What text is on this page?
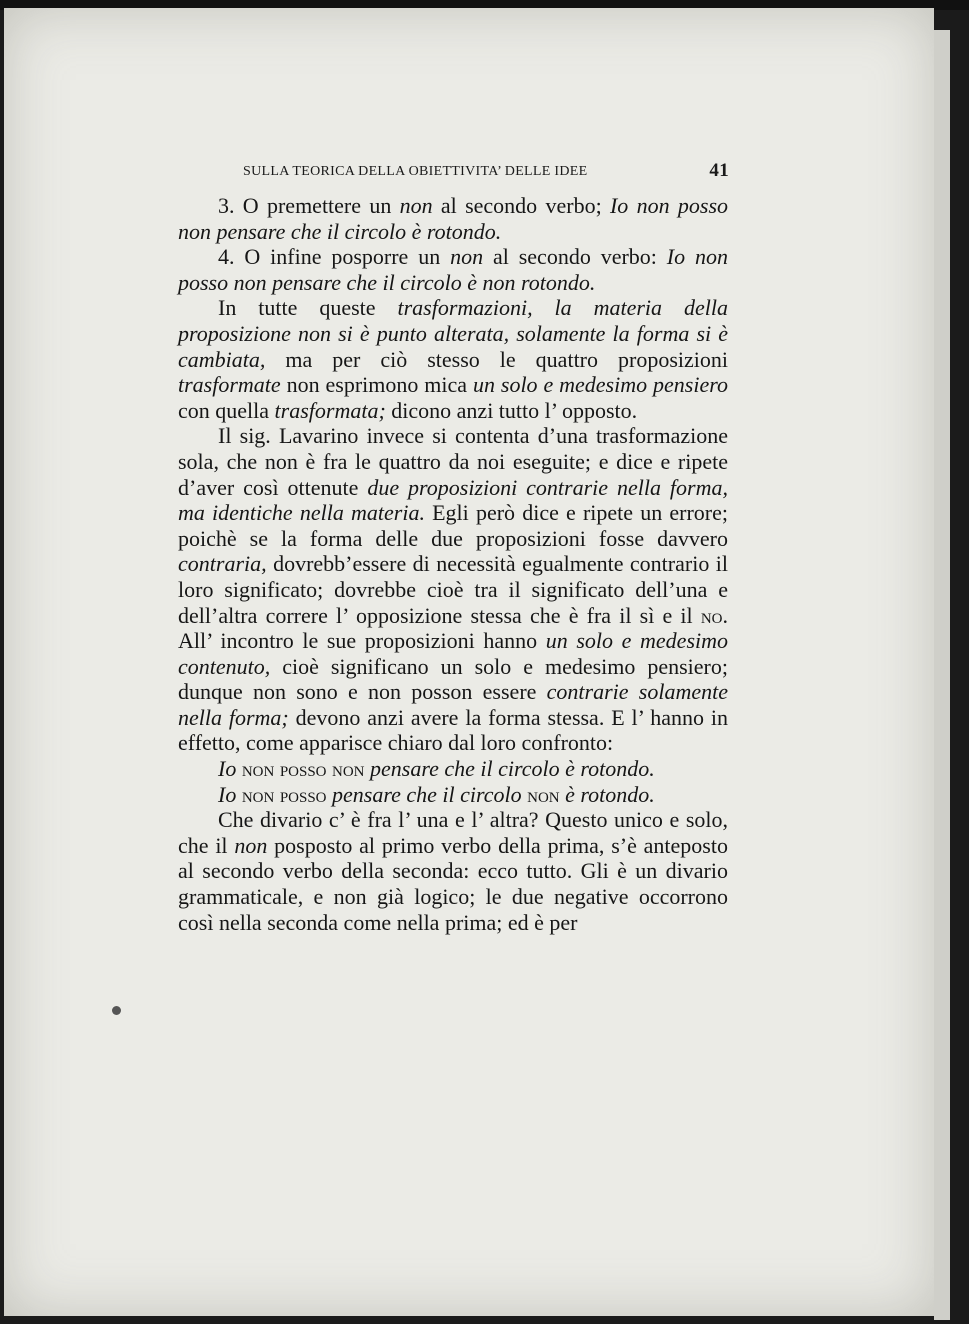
SULLA TEORICA DELLA OBIETTIVITA’ DELLE IDEE	41

3. O premettere un non al secondo verbo; Io non posso non pensare che il circolo è rotondo.

4. O infine posporre un non al secondo verbo: Io non posso non pensare che il circolo è non rotondo.

In tutte queste trasformazioni, la materia della proposizione non si è punto alterata, solamente la forma si è cambiata, ma per ciò stesso le quattro proposizioni trasformate non esprimono mica un solo e medesimo pensiero con quella trasformata; dicono anzi tutto l’ opposto.

Il sig. Lavarino invece si contenta d’una trasformazione sola, che non è fra le quattro da noi eseguite; e dice e ripete d’aver così ottenute due proposizioni contrarie nella forma, ma identiche nella materia. Egli però dice e ripete un errore; poichè se la forma delle due proposizioni fosse davvero contraria, dovrebb’essere di necessità egualmente contrario il loro significato; dovrebbe cioè tra il significato dell’una e dell’altra correre l’ opposizione stessa che è fra il sì e il no. All’ incontro le sue proposizioni hanno un solo e medesimo contenuto, cioè significano un solo e medesimo pensiero; dunque non sono e non posson essere contrarie solamente nella forma; devono anzi avere la forma stessa. E l’ hanno in effetto, come apparisce chiaro dal loro confronto:

Io non posso non pensare che il circolo è rotondo.

Io non posso pensare che il circolo non è rotondo.

Che divario c’ è fra l’ una e l’ altra? Questo unico e solo, che il non posposto al primo verbo della prima, s’è anteposto al secondo verbo della seconda: ecco tutto. Gli è un divario grammaticale, e non già logico; le due negative occorrono così nella seconda come nella prima; ed è per
